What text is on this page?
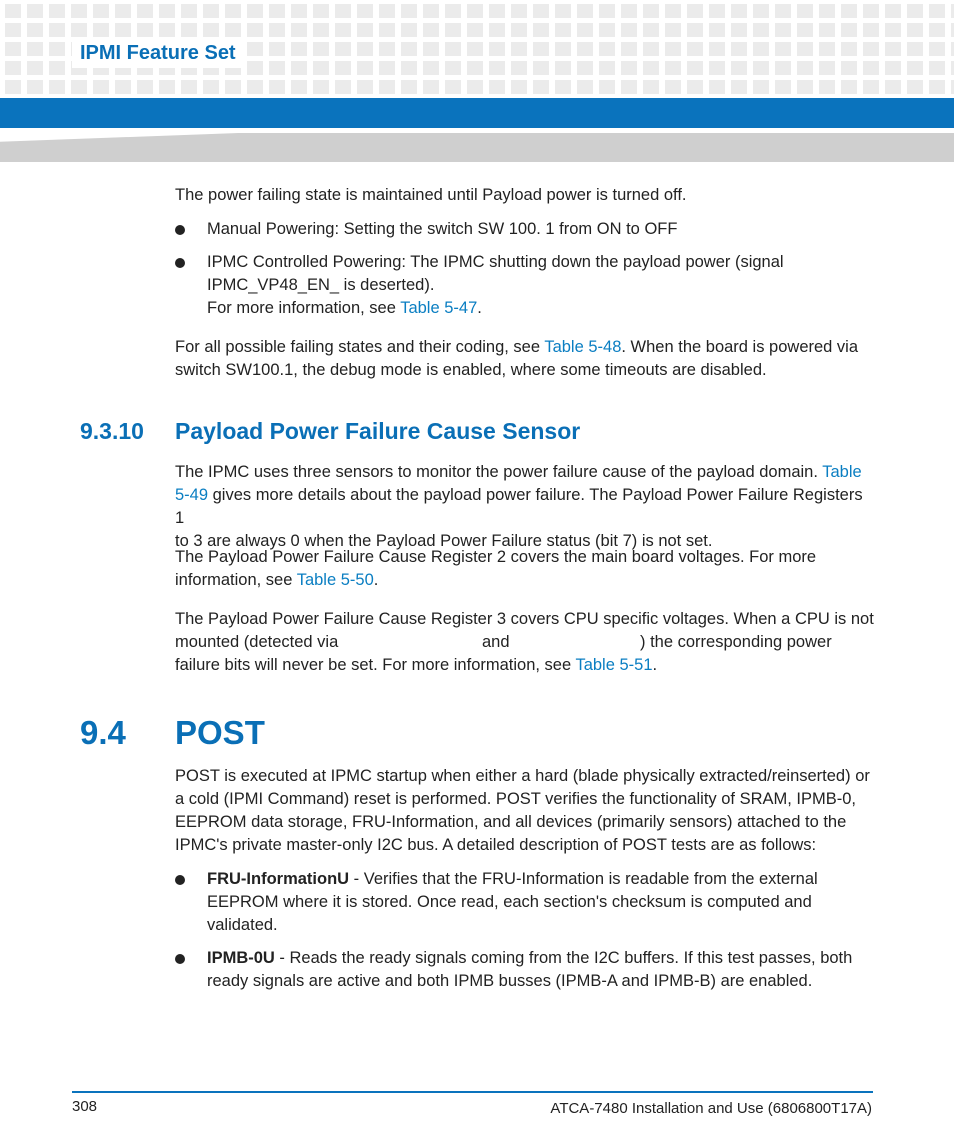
IPMI Feature Set
The power failing state is maintained until Payload power is turned off.
Manual Powering: Setting the switch SW 100. 1 from ON to OFF
IPMC Controlled Powering: The IPMC shutting down the payload power (signal
IPMC_VP48_EN_ is deserted).
For more information, see Table 5-47.
For all possible failing states and their coding, see Table 5-48. When the board is powered via
switch SW100.1, the debug mode is enabled, where some timeouts are disabled.
9.3.10 Payload Power Failure Cause Sensor
The IPMC uses three sensors to monitor the power failure cause of the payload domain. Table
5-49 gives more details about the payload power failure. The Payload Power Failure Registers 1
to 3 are always 0 when the Payload Power Failure status (bit 7) is not set.
The Payload Power Failure Cause Register 2 covers the main board voltages. For more
information, see Table 5-50.
The Payload Power Failure Cause Register 3 covers CPU specific voltages. When a CPU is not
mounted (detected via	and	) the corresponding power
failure bits will never be set. For more information, see Table 5-51.
9.4 POST
POST is executed at IPMC startup when either a hard (blade physically extracted/reinserted) or
a cold (IPMI Command) reset is performed. POST verifies the functionality of SRAM, IPMB-0,
EEPROM data storage, FRU-Information, and all devices (primarily sensors) attached to the
IPMC's private master-only I2C bus. A detailed description of POST tests are as follows:
FRU-InformationU - Verifies that the FRU-Information is readable from the external
EEPROM where it is stored. Once read, each section's checksum is computed and
validated.
IPMB-0U - Reads the ready signals coming from the I2C buffers. If this test passes, both
ready signals are active and both IPMB busses (IPMB-A and IPMB-B) are enabled.
308	ATCA-7480 Installation and Use (6806800T17A)
